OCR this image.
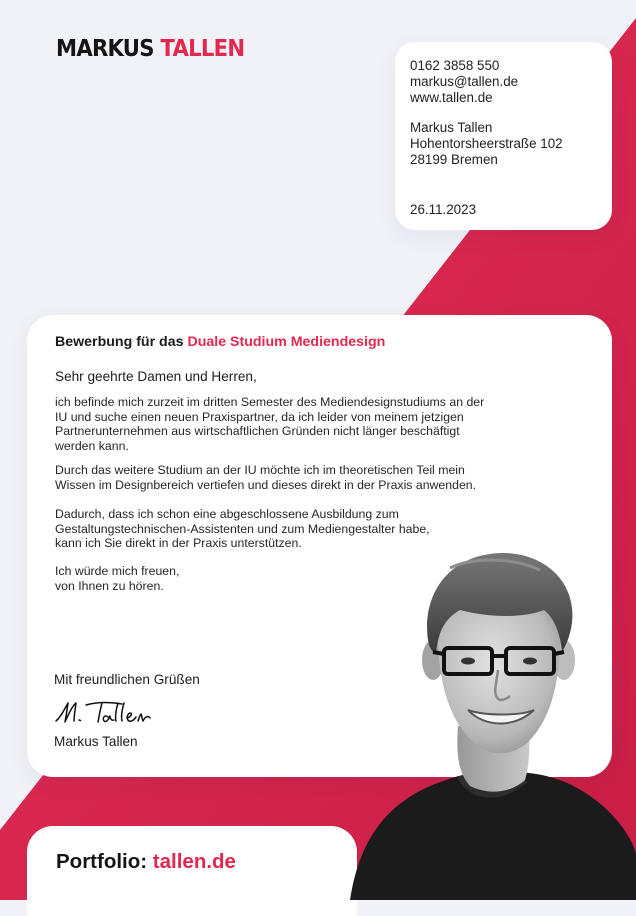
MARKUS TALLEN
0162 3858 550
markus@tallen.de
www.tallen.de
Markus Tallen
Hohentorsheerstraße 102
28199 Bremen
26.11.2023
Bewerbung für das Duale Studium Mediendesign
Sehr geehrte Damen und Herren,

ich befinde mich zurzeit im dritten Semester des Mediendesignstudiums an der
IU und suche einen neuen Praxispartner, da ich leider von meinem jetzigen
Partnerunternehmen aus wirtschaftlichen Gründen nicht länger beschäftigt
werden kann.

Durch das weitere Studium an der IU möchte ich im theoretischen Teil mein
Wissen im Designbereich vertiefen und dieses direkt in der Praxis anwenden.

Dadurch, dass ich schon eine abgeschlossene Ausbildung zum
Gestaltungstechnischen-Assistenten und zum Mediengestalter habe,
kann ich Sie direkt in der Praxis unterstützen.

Ich würde mich freuen,
von Ihnen zu hören.

Mit freundlichen Grüßen
Markus Tallen
Portfolio: tallen.de
